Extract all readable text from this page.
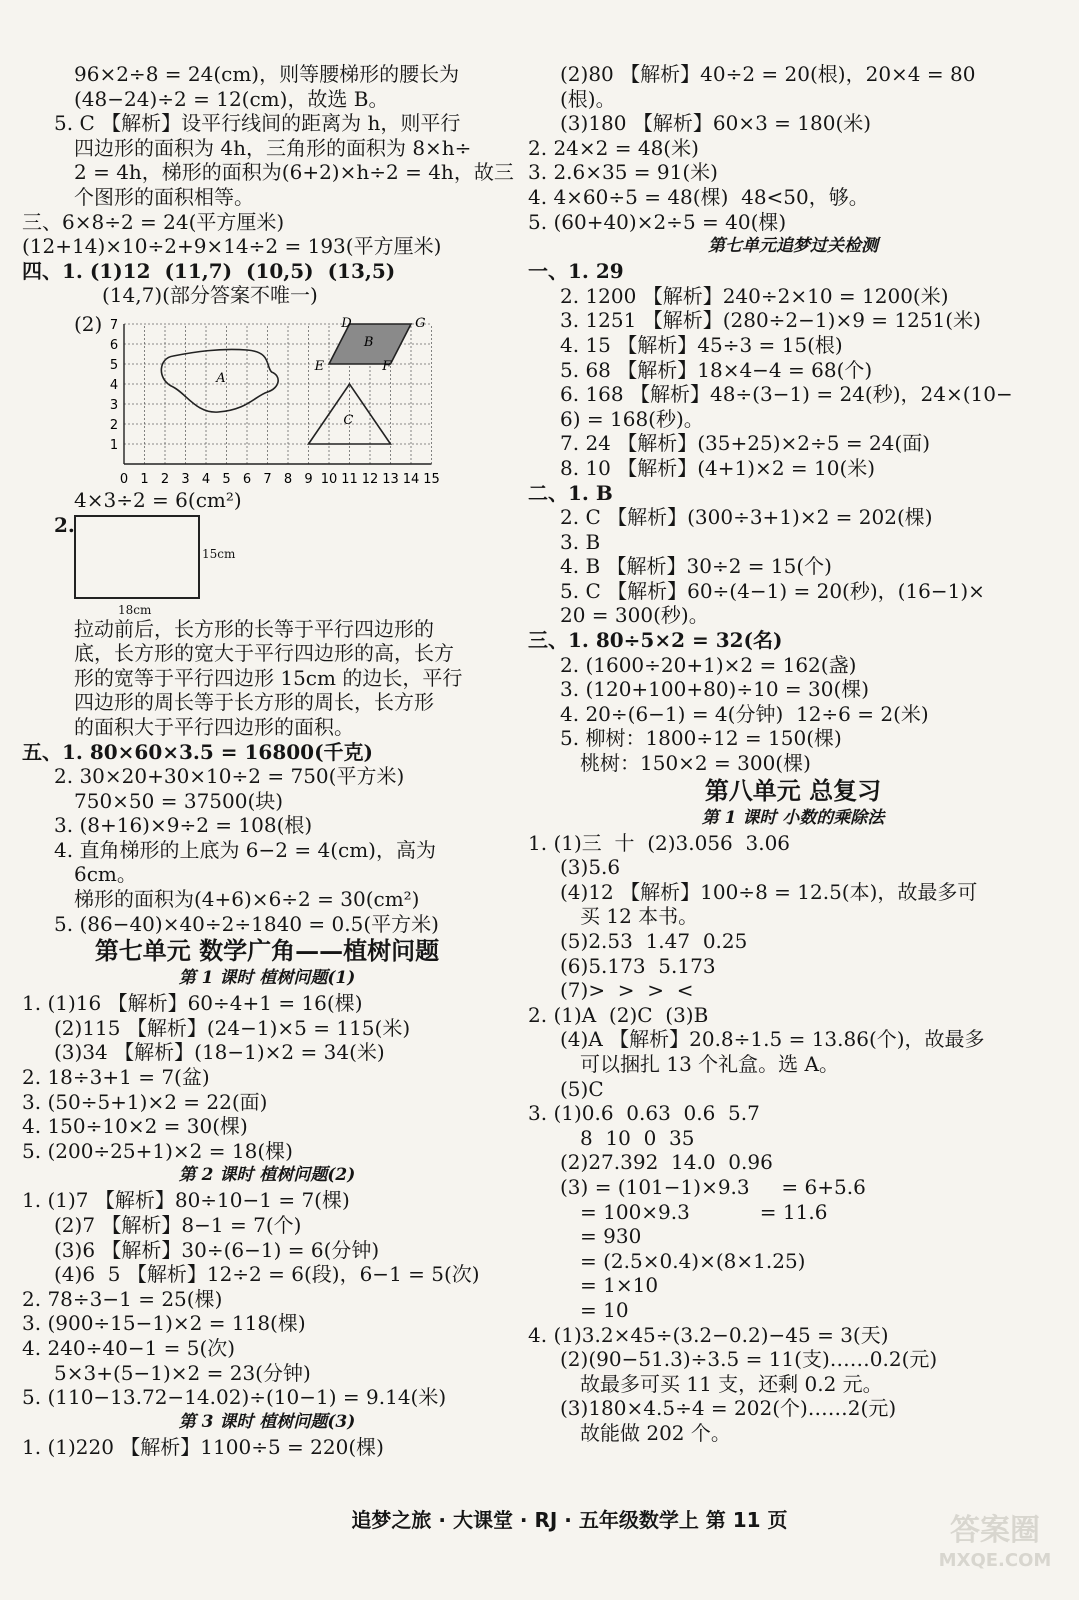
96×2÷8 = 24(cm)，则等腰梯形的腰长为
(48−24)÷2 = 12(cm)，故选 B。
5. C 【解析】设平行线间的距离为 h，则平行
四边形的面积为 4h，三角形的面积为 8×h÷
2 = 4h，梯形的面积为(6+2)×h÷2 = 4h，故三
个图形的面积相等。
三、6×8÷2 = 24(平方厘米)
(12+14)×10÷2+9×14÷2 = 193(平方厘米)
四、1. (1)12  (11,7)  (10,5)  (13,5)
(14,7)(部分答案不唯一)
(2)
0 1 2 3 4 5 6 7 8 9 10 11 12 13 14 15
1
2
3
4
5
6
7
A
B
C
D	G
E	F
4×3÷2 = 6(cm²)
2.
15cm
18cm
拉动前后，长方形的长等于平行四边形的
底，长方形的宽大于平行四边形的高，长方
形的宽等于平行四边形 15cm 的边长，平行
四边形的周长等于长方形的周长，长方形
的面积大于平行四边形的面积。
五、1. 80×60×3.5 = 16800(千克)
2. 30×20+30×10÷2 = 750(平方米)
750×50 = 37500(块)
3. (8+16)×9÷2 = 108(根)
4. 直角梯形的上底为 6−2 = 4(cm)，高为
6cm。
梯形的面积为(4+6)×6÷2 = 30(cm²)
5. (86−40)×40÷2÷1840 = 0.5(平方米)
第七单元 数学广角——植树问题
第 1 课时 植树问题(1)
1. (1)16 【解析】60÷4+1 = 16(棵)
(2)115 【解析】(24−1)×5 = 115(米)
(3)34 【解析】(18−1)×2 = 34(米)
2. 18÷3+1 = 7(盆)
3. (50÷5+1)×2 = 22(面)
4. 150÷10×2 = 30(棵)
5. (200÷25+1)×2 = 18(棵)
第 2 课时 植树问题(2)
1. (1)7 【解析】80÷10−1 = 7(棵)
(2)7 【解析】8−1 = 7(个)
(3)6 【解析】30÷(6−1) = 6(分钟)
(4)6  5 【解析】12÷2 = 6(段)，6−1 = 5(次)
2. 78÷3−1 = 25(棵)
3. (900÷15−1)×2 = 118(棵)
4. 240÷40−1 = 5(次)
5×3+(5−1)×2 = 23(分钟)
5. (110−13.72−14.02)÷(10−1) = 9.14(米)
第 3 课时 植树问题(3)
1. (1)220 【解析】1100÷5 = 220(棵)
(2)80 【解析】40÷2 = 20(根)，20×4 = 80
(根)。
(3)180 【解析】60×3 = 180(米)
2. 24×2 = 48(米)
3. 2.6×35 = 91(米)
4. 4×60÷5 = 48(棵)  48<50，够。
5. (60+40)×2÷5 = 40(棵)
第七单元追梦过关检测
一、1. 29
2. 1200 【解析】240÷2×10 = 1200(米)
3. 1251 【解析】(280÷2−1)×9 = 1251(米)
4. 15 【解析】45÷3 = 15(根)
5. 68 【解析】18×4−4 = 68(个)
6. 168 【解析】48÷(3−1) = 24(秒)，24×(10−
6) = 168(秒)。
7. 24 【解析】(35+25)×2÷5 = 24(面)
8. 10 【解析】(4+1)×2 = 10(米)
二、1. B
2. C 【解析】(300÷3+1)×2 = 202(棵)
3. B
4. B 【解析】30÷2 = 15(个)
5. C 【解析】60÷(4−1) = 20(秒)，(16−1)×
20 = 300(秒)。
三、1. 80÷5×2 = 32(名)
2. (1600÷20+1)×2 = 162(盏)
3. (120+100+80)÷10 = 30(棵)
4. 20÷(6−1) = 4(分钟)  12÷6 = 2(米)
5. 柳树：1800÷12 = 150(棵)
桃树：150×2 = 300(棵)
第八单元 总复习
第 1 课时 小数的乘除法
1. (1)三  十  (2)3.056  3.06
(3)5.6
(4)12 【解析】100÷8 = 12.5(本)，故最多可
买 12 本书。
(5)2.53  1.47  0.25
(6)5.173  5.173
(7)>  >  >  <
2. (1)A  (2)C  (3)B
(4)A 【解析】20.8÷1.5 = 13.86(个)，故最多
可以捆扎 13 个礼盒。选 A。
(5)C
3. (1)0.6  0.63  0.6  5.7
8  10  0  35
(2)27.392  14.0  0.96
(3) = (101−1)×9.3     = 6+5.6
= 100×9.3           = 11.6
= 930
= (2.5×0.4)×(8×1.25)
= 1×10
= 10
4. (1)3.2×45÷(3.2−0.2)−45 = 3(天)
(2)(90−51.3)÷3.5 = 11(支)……0.2(元)
故最多可买 11 支，还剩 0.2 元。
(3)180×4.5÷4 = 202(个)……2(元)
故能做 202 个。
追梦之旅 · 大课堂 · RJ · 五年级数学上 第 11 页	答案圈
MXQE.COM
